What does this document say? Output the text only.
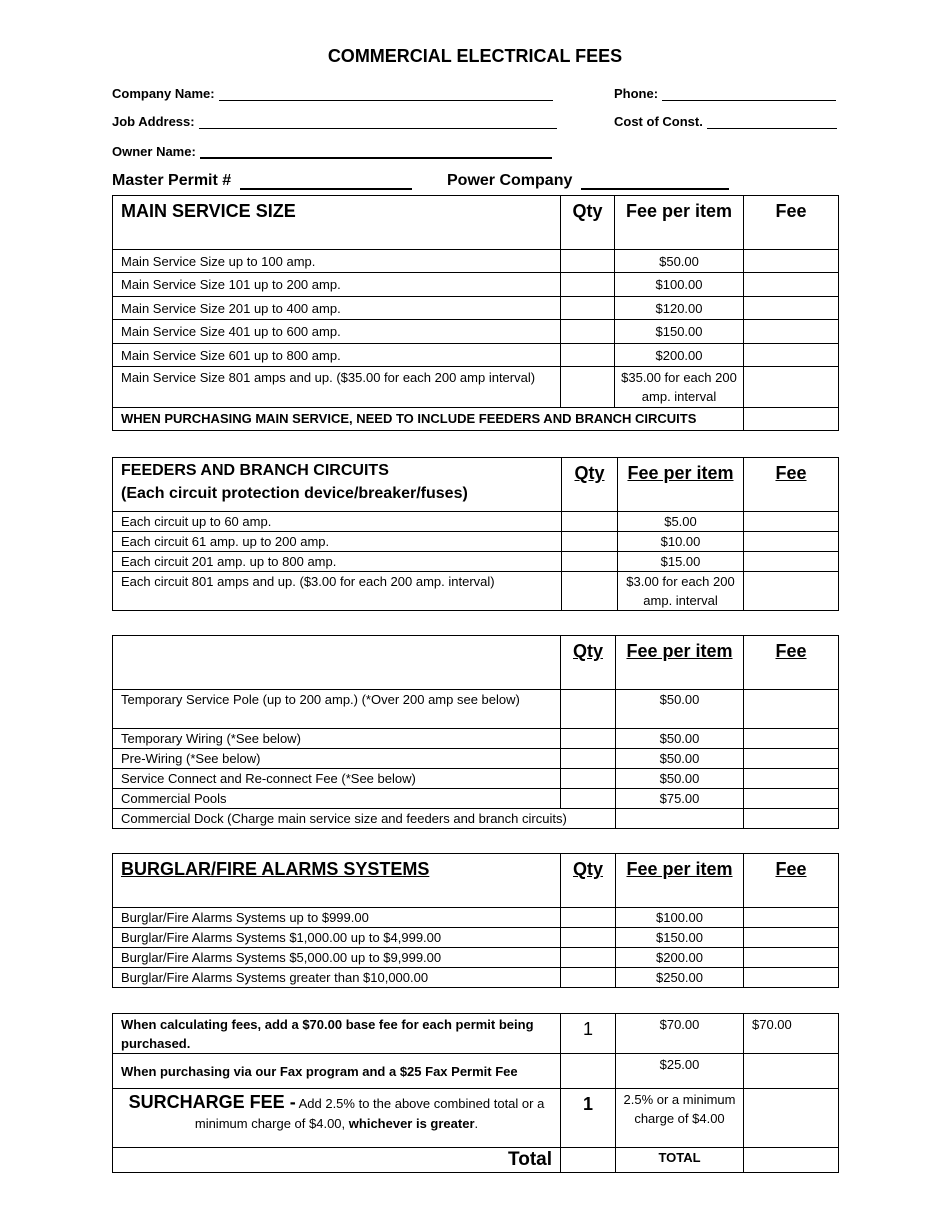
COMMERCIAL ELECTRICAL FEES
Company Name:	Phone:
Job Address:	Cost of Const.
Owner Name:
Master Permit #	Power Company
MAIN SERVICE SIZE	Qty	Fee per item	Fee
Main Service Size up to 100 amp.		$50.00	
Main Service Size 101 up to 200 amp.		$100.00	
Main Service Size 201 up to 400 amp.		$120.00	
Main Service Size 401 up to 600 amp.		$150.00	
Main Service Size 601 up to 800 amp.		$200.00	
Main Service Size 801 amps and up. ($35.00 for each 200 amp interval)		$35.00 for each 200 amp. interval	
WHEN PURCHASING MAIN SERVICE, NEED TO INCLUDE FEEDERS AND BRANCH CIRCUITS			
FEEDERS AND BRANCH CIRCUITS
(Each circuit protection device/breaker/fuses)	Qty	Fee per item	Fee
Each circuit up to 60 amp.		$5.00	
Each circuit 61 amp. up to 200 amp.		$10.00	
Each circuit 201 amp. up to 800 amp.		$15.00	
Each circuit 801 amps and up. ($3.00 for each 200 amp. interval)		$3.00 for each 200 amp. interval	
	Qty	Fee per item	Fee
Temporary Service Pole (up to 200 amp.) (*Over 200 amp see below)		$50.00	
Temporary Wiring (*See below)		$50.00	
Pre-Wiring (*See below)		$50.00	
Service Connect and Re-connect Fee (*See below)		$50.00	
Commercial Pools		$75.00	
Commercial Dock (Charge main service size and feeders and branch circuits)			
BURGLAR/FIRE ALARMS SYSTEMS	Qty	Fee per item	Fee
Burglar/Fire Alarms Systems up to $999.00		$100.00	
Burglar/Fire Alarms Systems $1,000.00 up to $4,999.00		$150.00	
Burglar/Fire Alarms Systems $5,000.00 up to $9,999.00		$200.00	
Burglar/Fire Alarms Systems greater than $10,000.00		$250.00	
When calculating fees, add a $70.00 base fee for each permit being purchased.	1	$70.00	$70.00
When purchasing via our Fax program and a $25 Fax Permit Fee		$25.00	
SURCHARGE FEE - Add 2.5% to the above combined total or a minimum charge of $4.00, whichever is greater.	1	2.5% or a minimum charge of $4.00	
Total		TOTAL	
